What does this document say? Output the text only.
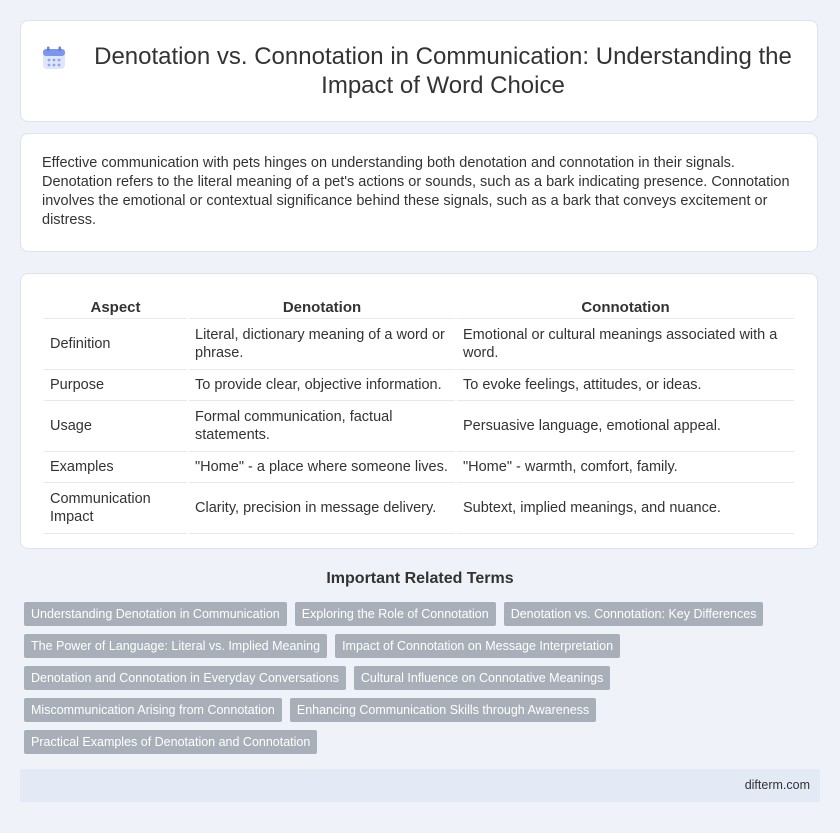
Denotation vs. Connotation in Communication: Understanding the Impact of Word Choice

Effective communication with pets hinges on understanding both denotation and connotation in their signals. Denotation refers to the literal meaning of a pet's actions or sounds, such as a bark indicating presence. Connotation involves the emotional or contextual significance behind these signals, such as a bark that conveys excitement or distress.

Aspect	Denotation	Connotation
Definition	Literal, dictionary meaning of a word or phrase.	Emotional or cultural meanings associated with a word.
Purpose	To provide clear, objective information.	To evoke feelings, attitudes, or ideas.
Usage	Formal communication, factual statements.	Persuasive language, emotional appeal.
Examples	"Home" - a place where someone lives.	"Home" - warmth, comfort, family.
Communication Impact	Clarity, precision in message delivery.	Subtext, implied meanings, and nuance.
Important Related Terms
Understanding Denotation in Communication	Exploring the Role of Connotation	Denotation vs. Connotation: Key Differences
The Power of Language: Literal vs. Implied Meaning	Impact of Connotation on Message Interpretation
Denotation and Connotation in Everyday Conversations	Cultural Influence on Connotative Meanings
Miscommunication Arising from Connotation	Enhancing Communication Skills through Awareness
Practical Examples of Denotation and Connotation
difterm.com
